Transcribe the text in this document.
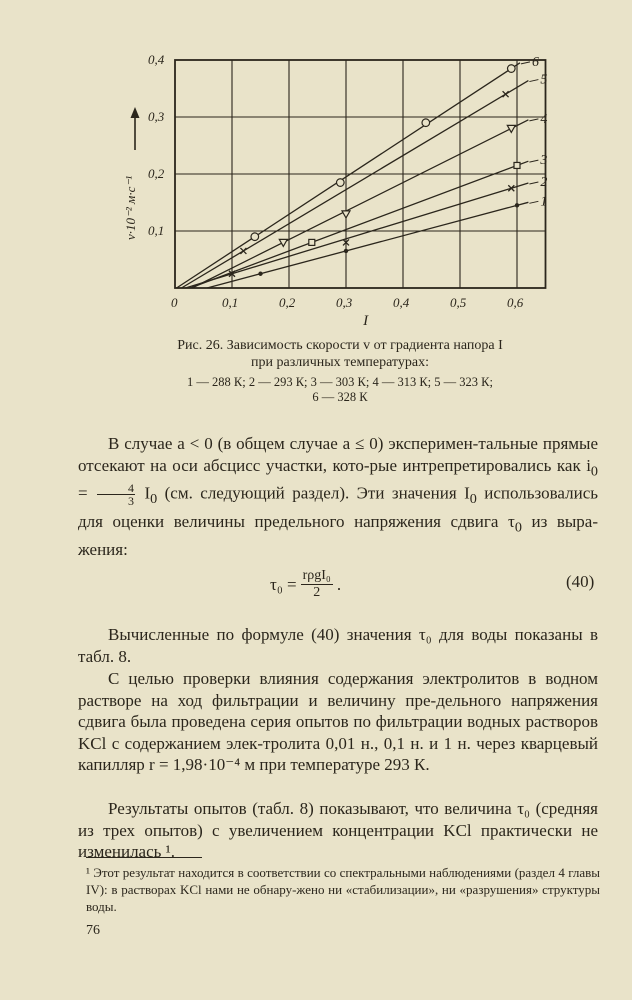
0	0,1	0,2	0,3	0,4	0,5	0,6
0,1
0,2
0,3
0,4
1
2
3
4
5
6
I
v·10⁻² м·с⁻¹
Рис. 26. Зависимость скорости v от градиента напора I
при различных температурах:
1 — 288 К; 2 — 293 К; 3 — 303 К; 4 — 313 К; 5 — 323 К;
6 — 328 К
В случае a < 0 (в общем случае a ≤ 0) эксперимен-тальные прямые отсекают на оси абсцисс участки, кото-рые интрепретировались как $i_0 = \frac{4}{3} I_0$ (см. следующий раздел). Эти значения $I_0$ использовались для оценки величины предельного напряжения сдвига $\tau_0$ из выра-жения:
$\tau_0 = \frac{\text{rρgI₀}}{2}$ .	(40)
Вычисленные по формуле (40) значения τ₀ для воды показаны в табл. 8.
С целью проверки влияния содержания электролитов в водном растворе на ход фильтрации и величину пре-дельного напряжения сдвига была проведена серия опытов по фильтрации водных растворов KCl с содержанием элек-тролита 0,01 н., 0,1 н. и 1 н. через кварцевый капилляр r = 1,98·10⁻⁴ м при температуре 293 К.
Результаты опытов (табл. 8) показывают, что величина τ₀ (средняя из трех опытов) с увеличением концентрации KCl практически не изменилась ¹.
¹ Этот результат находится в соответствии со спектральными наблюдениями (раздел 4 главы IV): в растворах KCl нами не обнару-жено ни «стабилизации», ни «разрушения» структуры воды.
76
